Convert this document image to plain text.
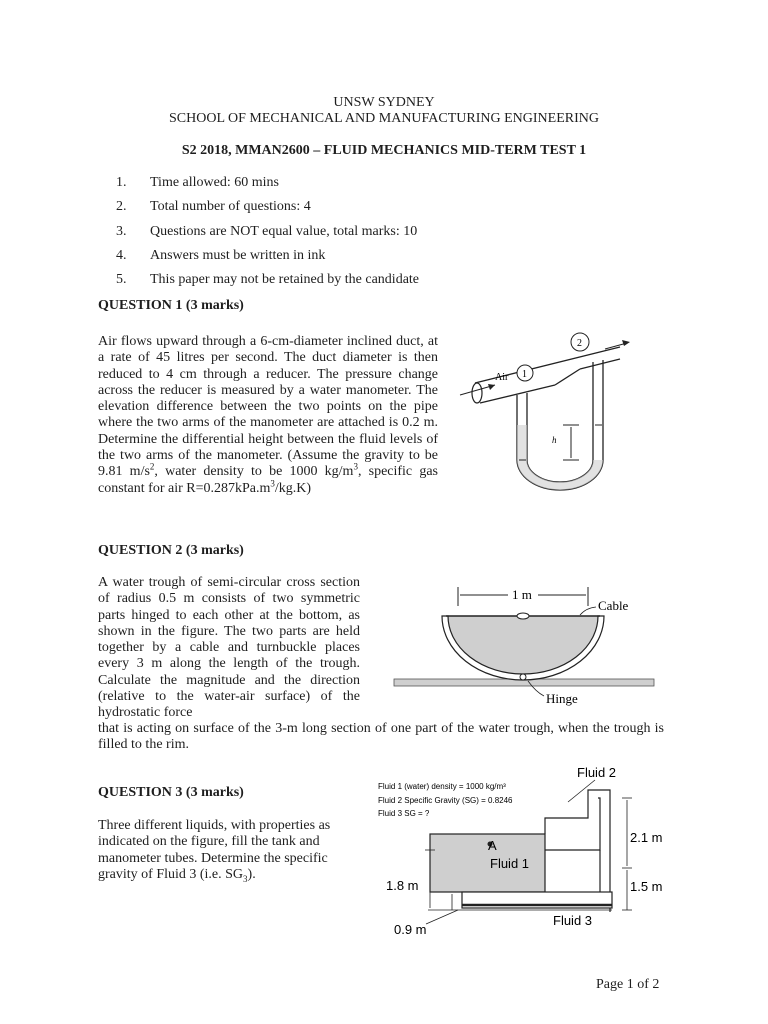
UNSW SYDNEY
SCHOOL OF MECHANICAL AND MANUFACTURING ENGINEERING
S2 2018, MMAN2600 – FLUID MECHANICS MID-TERM TEST 1
1. Time allowed: 60 mins
2. Total number of questions: 4
3. Questions are NOT equal value, total marks: 10
4. Answers must be written in ink
5. This paper may not be retained by the candidate
QUESTION 1 (3 marks)
Air flows upward through a 6-cm-diameter inclined duct, at a rate of 45 litres per second. The duct diameter is then reduced to 4 cm through a reducer. The pressure change across the reducer is measured by a water manometer. The elevation difference between the two points on the pipe where the two arms of the manometer are attached is 0.2 m. Determine the differential height between the fluid levels of the two arms of the manometer. (Assume the gravity to be 9.81 $m/s^2$, water density to be 1000 $kg/m^3$, specific gas constant for air $R=0.287kPa.m^3/kg.K$)
Air 1
2
h
QUESTION 2 (3 marks)
A water trough of semi-circular cross section of radius 0.5 m consists of two symmetric parts hinged to each other at the bottom, as shown in the figure. The two parts are held together by a cable and turnbuckle places every 3 m along the length of the trough. Calculate the magnitude and the direction (relative to the water-air surface) of the hydrostatic force
that is acting on surface of the 3-m long section of one part of the water trough, when the trough is filled to the rim.
1 m
Cable
Hinge
QUESTION 3 (3 marks)
Three different liquids, with properties as indicated on the figure, fill the tank and manometer tubes. Determine the specific gravity of Fluid 3 (i.e. $SG_3$).
Fluid 1 (water) density = 1000 kg/m³
Fluid 2 Specific Gravity (SG) = 0.8246
Fluid 3 SG = ?
Fluid 2
A
Fluid 1
2.1 m
1.5 m
1.8 m
0.9 m
Fluid 3
Page 1 of 2
